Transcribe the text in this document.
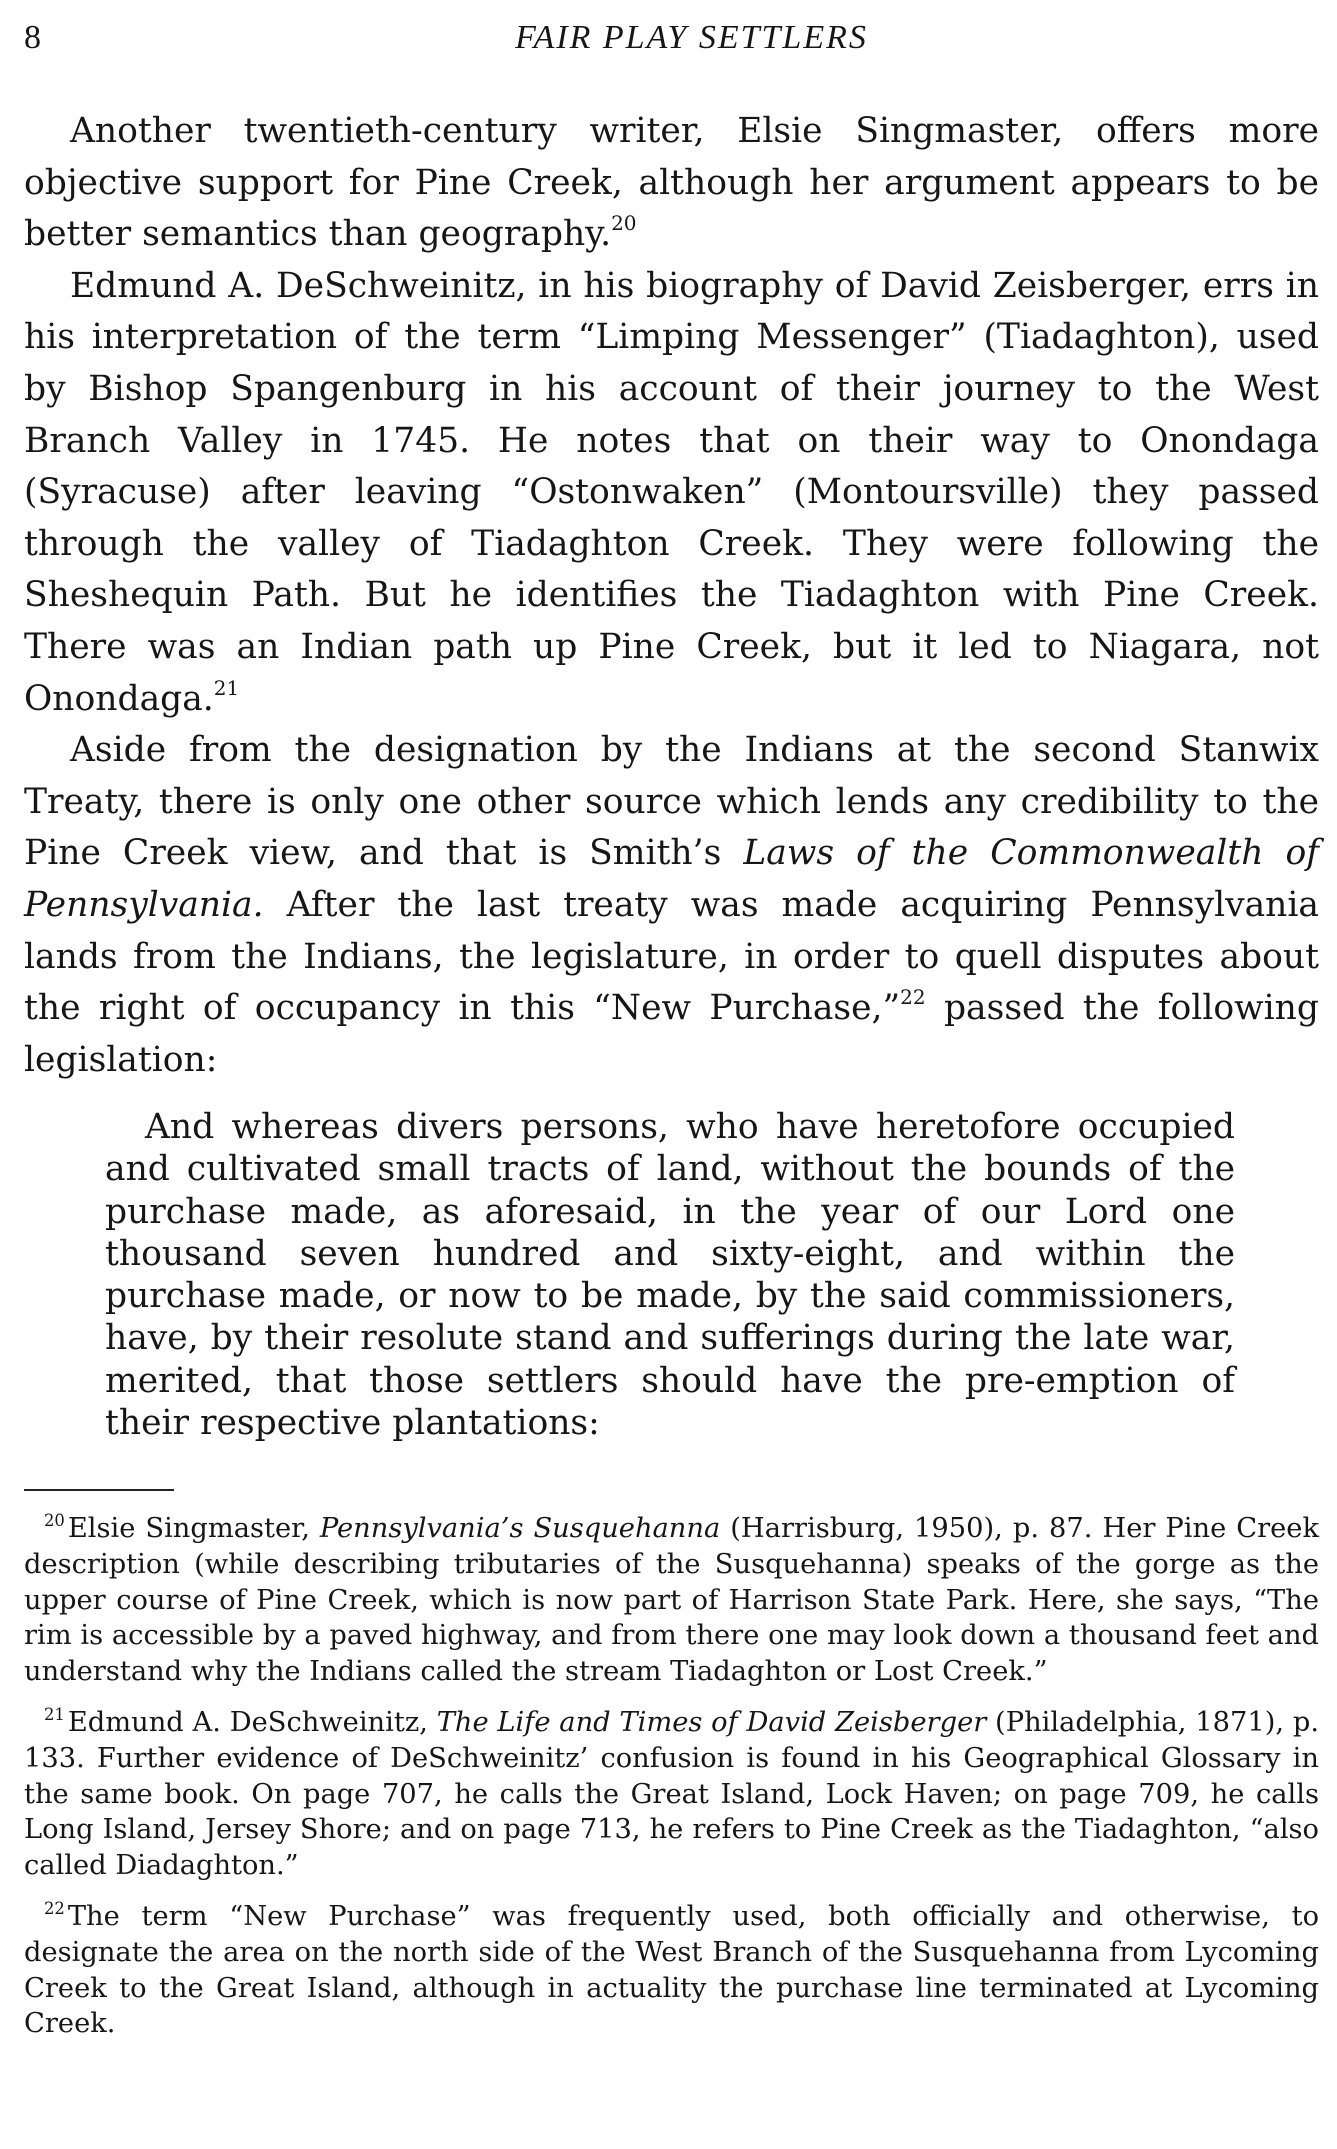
8	FAIR PLAY SETTLERS

Another twentieth-century writer, Elsie Singmaster, offers more objective support for Pine Creek, although her argument appears to be better semantics than geography.$^{20}$

Edmund A. DeSchweinitz, in his biography of David Zeisberger, errs in his interpretation of the term “Limping Messenger” (Tiadaghton), used by Bishop Spangenburg in his account of their journey to the West Branch Valley in 1745. He notes that on their way to Onondaga (Syracuse) after leaving “Ostonwaken” (Montoursville) they passed through the valley of Tiadaghton Creek. They were following the Sheshequin Path. But he identifies the Tiadaghton with Pine Creek. There was an Indian path up Pine Creek, but it led to Niagara, not Onondaga.$^{21}$

Aside from the designation by the Indians at the second Stanwix Treaty, there is only one other source which lends any credibility to the Pine Creek view, and that is Smith’s Laws of the Commonwealth of Pennsylvania. After the last treaty was made acquiring Pennsylvania lands from the Indians, the legislature, in order to quell disputes about the right of occupancy in this “New Purchase,”$^{22}$ passed the following legislation:

And whereas divers persons, who have heretofore occupied and cultivated small tracts of land, without the bounds of the purchase made, as aforesaid, in the year of our Lord one thousand seven hundred and sixty-eight, and within the purchase made, or now to be made, by the said commissioners, have, by their resolute stand and sufferings during the late war, merited, that those settlers should have the pre-emption of their respective plantations:

$^{20}$ Elsie Singmaster, Pennsylvania’s Susquehanna (Harrisburg, 1950), p. 87. Her Pine Creek description (while describing tributaries of the Susquehanna) speaks of the gorge as the upper course of Pine Creek, which is now part of Harrison State Park. Here, she says, “The rim is accessible by a paved highway, and from there one may look down a thousand feet and understand why the Indians called the stream Tiadaghton or Lost Creek.”

$^{21}$ Edmund A. DeSchweinitz, The Life and Times of David Zeisberger (Philadelphia, 1871), p. 133. Further evidence of DeSchweinitz’ confusion is found in his Geographical Glossary in the same book. On page 707, he calls the Great Island, Lock Haven; on page 709, he calls Long Island, Jersey Shore; and on page 713, he refers to Pine Creek as the Tiadaghton, “also called Diadaghton.”

$^{22}$ The term “New Purchase” was frequently used, both officially and otherwise, to designate the area on the north side of the West Branch of the Susquehanna from Lycoming Creek to the Great Island, although in actuality the purchase line terminated at Lycoming Creek.
